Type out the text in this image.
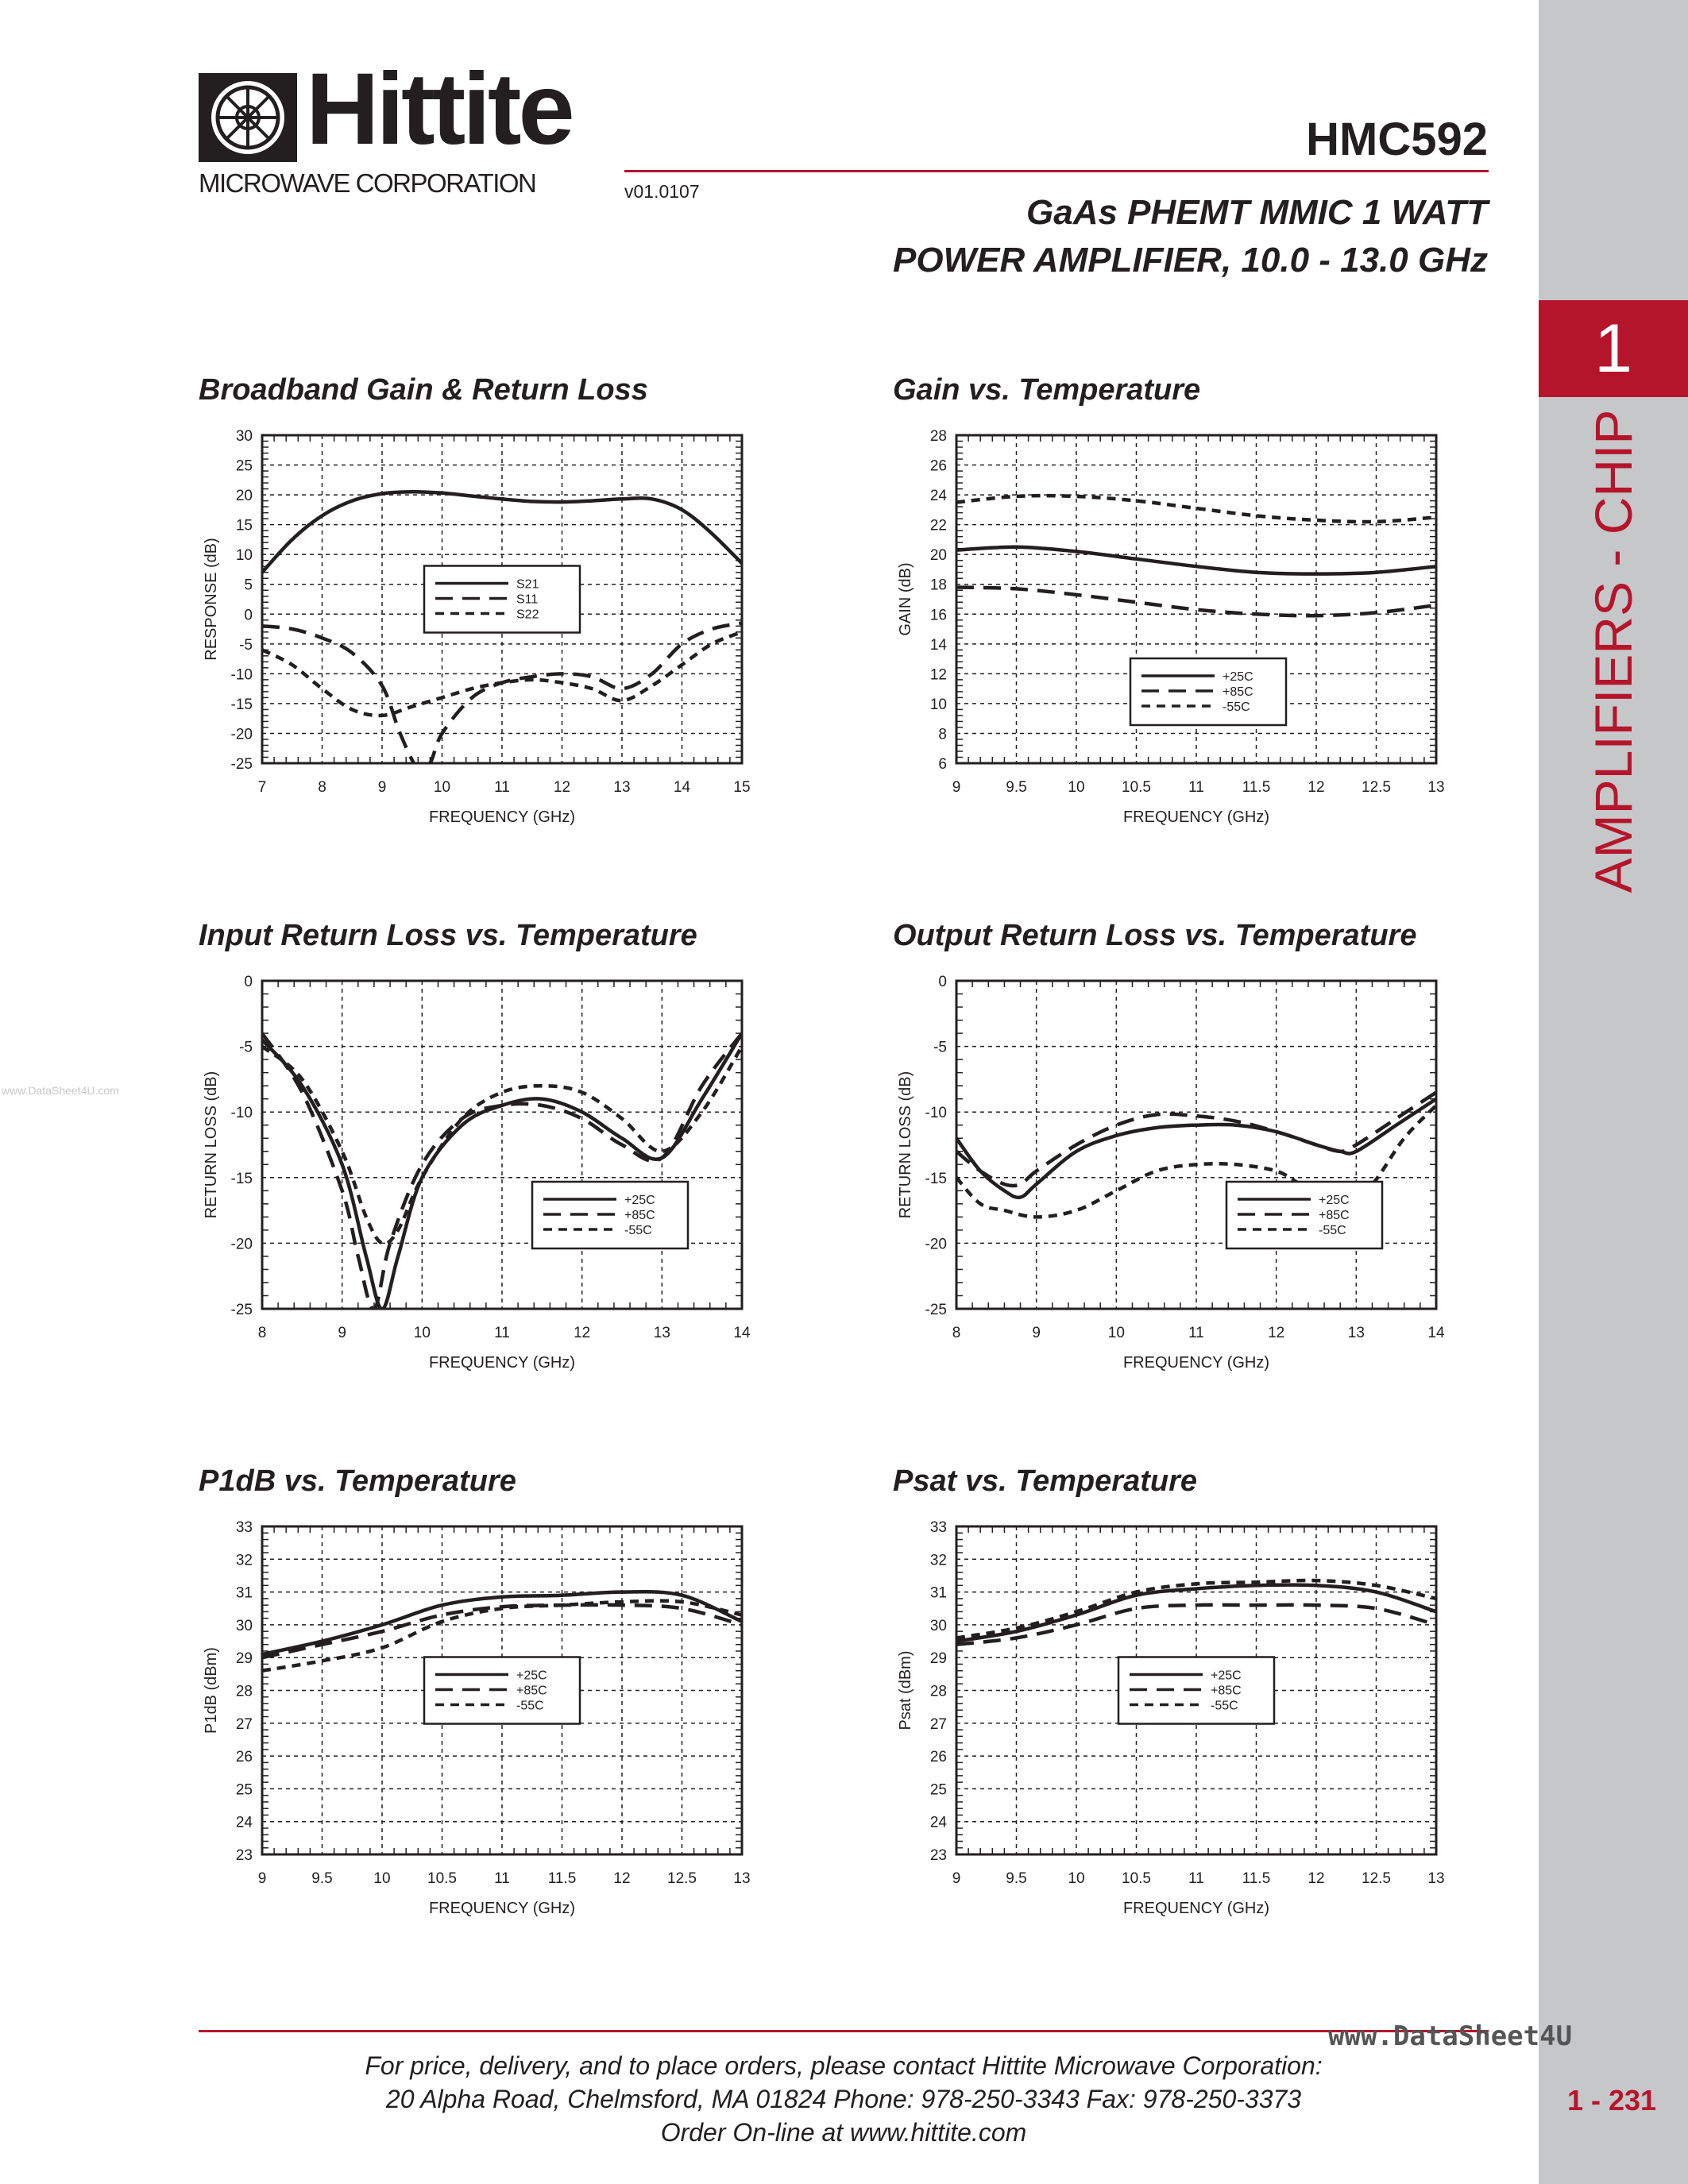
Hittite
MICROWAVE CORPORATION	v01.0107
HMC592
GaAs PHEMT MMIC 1 WATT
POWER AMPLIFIER, 10.0 - 13.0 GHz
1
AMPLIFIERS - CHIP
1 - 231
www.DataSheet4U.com
Broadband Gain & Return Loss	Gain vs. Temperature
Input Return Loss vs. Temperature	Output Return Loss vs. Temperature
P1dB vs. Temperature	Psat vs. Temperature
7	8	9	10	11	12	13	14	15
-25
-20
-15
-10
-5
0
5
10
15
20
25
30
FREQUENCY (GHz)
RESPONSE (dB)	S21
S11
S22
9	9.5	10 10.5 11	11.5 12 12.5 13
6
8
10
12
14
16
18
20
22
24
26
28
FREQUENCY (GHz)
GAIN (dB)
+25C
+85C
-55C
8	9	10	11	12	13	14
-25
-20
-15
-10
-5
0
FREQUENCY (GHz)
RETURN LOSS (dB)	+25C
+85C
-55C
8	9	10	11	12	13	14
-25
-20
-15
-10
-5
0
FREQUENCY (GHz)
RETURN LOSS (dB)	+25C
+85C
-55C
9	9.5	10 10.5 11	11.5 12 12.5 13
23
24
25
26
27
28
29
30
31
32
33
FREQUENCY (GHz)
P1dB (dBm)	+25C
+85C
-55C
9	9.5	10 10.5 11	11.5 12 12.5 13
23
24
25
26
27
28
29
30
31
32
33
FREQUENCY (GHz)
Psat (dBm)	+25C
+85C
-55C
For price, delivery, and to place orders, please contact Hittite Microwave Corporation:
20 Alpha Road, Chelmsford, MA 01824 Phone: 978-250-3343 Fax: 978-250-3373
Order On-line at www.hittite.com
www.DataSheet4U
